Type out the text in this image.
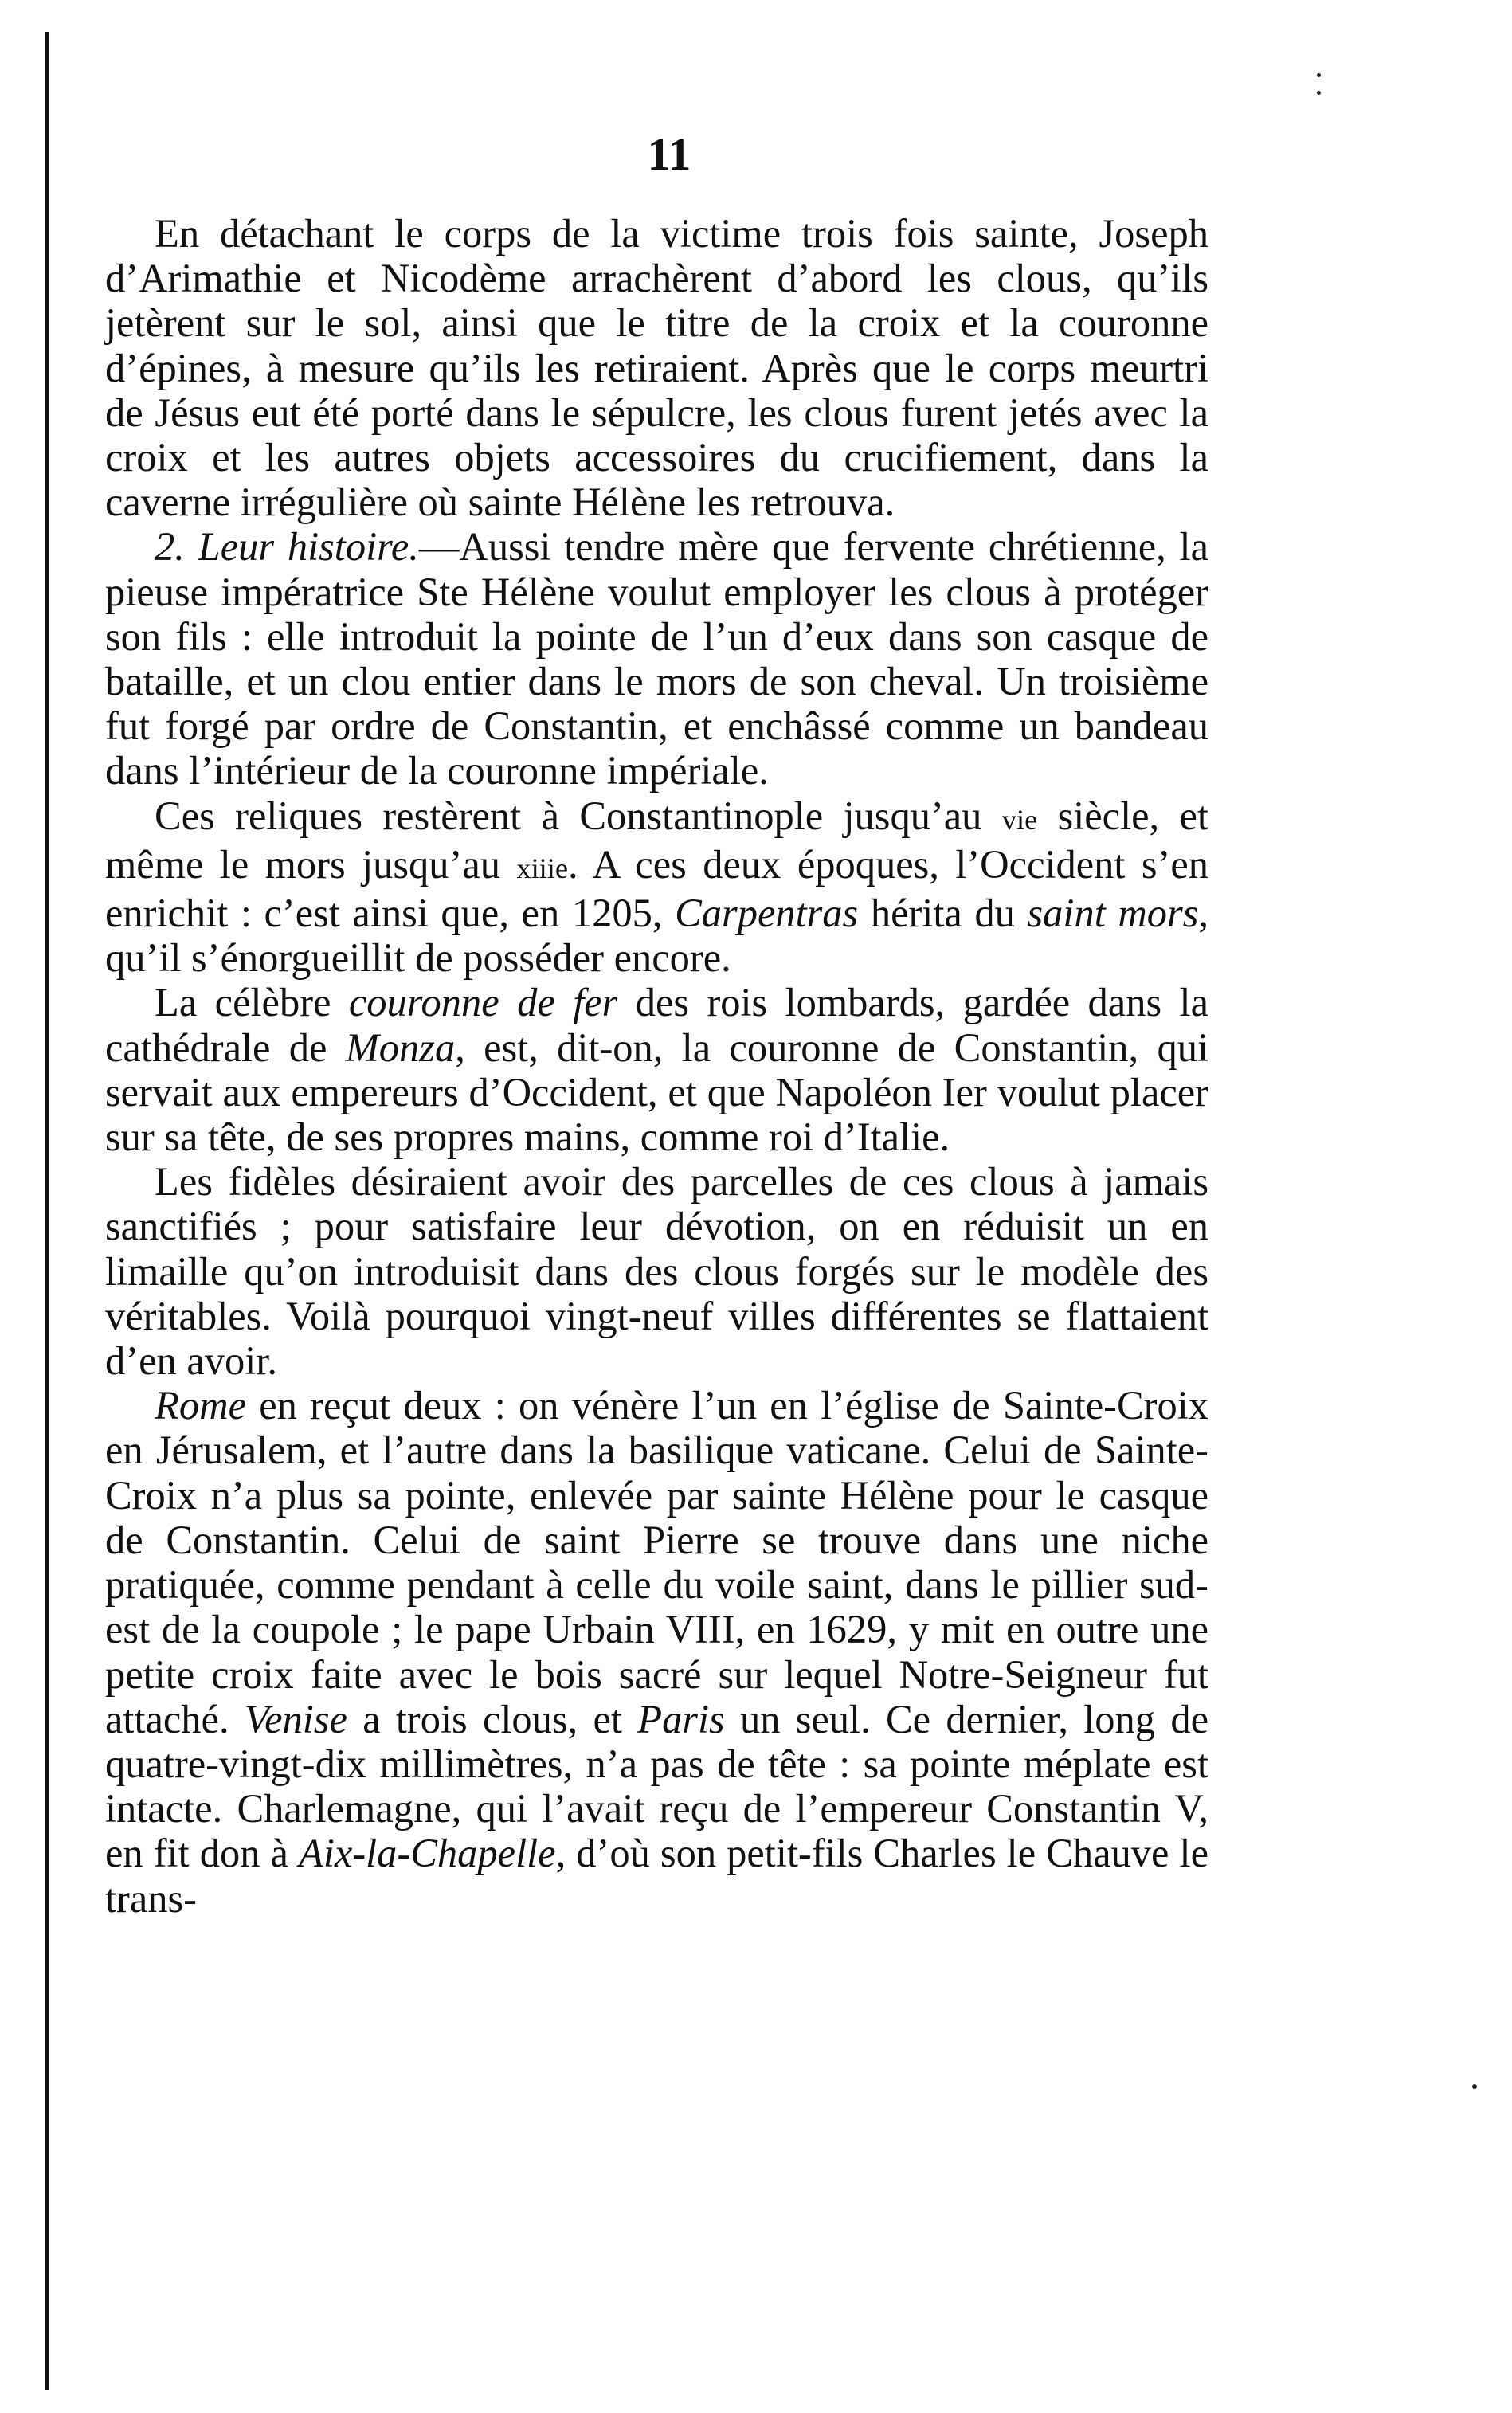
11

En détachant le corps de la victime trois fois sainte, Joseph d’Arimathie et Nicodème arrachèrent d’abord les clous, qu’ils jetèrent sur le sol, ainsi que le titre de la croix et la couronne d’épines, à mesure qu’ils les retiraient. Après que le corps meurtri de Jésus eut été porté dans le sépulcre, les clous furent jetés avec la croix et les autres objets accessoires du crucifiement, dans la caverne irrégulière où sainte Hélène les retrouva.

2. Leur histoire.—Aussi tendre mère que fervente chrétienne, la pieuse impératrice Ste Hélène voulut employer les clous à protéger son fils : elle introduit la pointe de l’un d’eux dans son casque de bataille, et un clou entier dans le mors de son cheval. Un troisième fut forgé par ordre de Constantin, et enchâssé comme un bandeau dans l’intérieur de la couronne impériale.

Ces reliques restèrent à Constantinople jusqu’au vie siècle, et même le mors jusqu’au xiiie. A ces deux époques, l’Occident s’en enrichit : c’est ainsi que, en 1205, Carpentras hérita du saint mors, qu’il s’énorgueillit de posséder encore.

La célèbre couronne de fer des rois lombards, gardée dans la cathédrale de Monza, est, dit-on, la couronne de Constantin, qui servait aux empereurs d’Occident, et que Napoléon Ier voulut placer sur sa tête, de ses propres mains, comme roi d’Italie.

Les fidèles désiraient avoir des parcelles de ces clous à jamais sanctifiés ; pour satisfaire leur dévotion, on en réduisit un en limaille qu’on introduisit dans des clous forgés sur le modèle des véritables. Voilà pourquoi vingt-neuf villes différentes se flattaient d’en avoir.

Rome en reçut deux : on vénère l’un en l’église de Sainte-Croix en Jérusalem, et l’autre dans la basilique vaticane. Celui de Sainte-Croix n’a plus sa pointe, enlevée par sainte Hélène pour le casque de Constantin. Celui de saint Pierre se trouve dans une niche pratiquée, comme pendant à celle du voile saint, dans le pillier sud-est de la coupole ; le pape Urbain VIII, en 1629, y mit en outre une petite croix faite avec le bois sacré sur lequel Notre-Seigneur fut attaché. Venise a trois clous, et Paris un seul. Ce dernier, long de quatre-vingt-dix millimètres, n’a pas de tête : sa pointe méplate est intacte. Charlemagne, qui l’avait reçu de l’empereur Constantin V, en fit don à Aix-la-Chapelle, d’où son petit-fils Charles le Chauve le trans-
